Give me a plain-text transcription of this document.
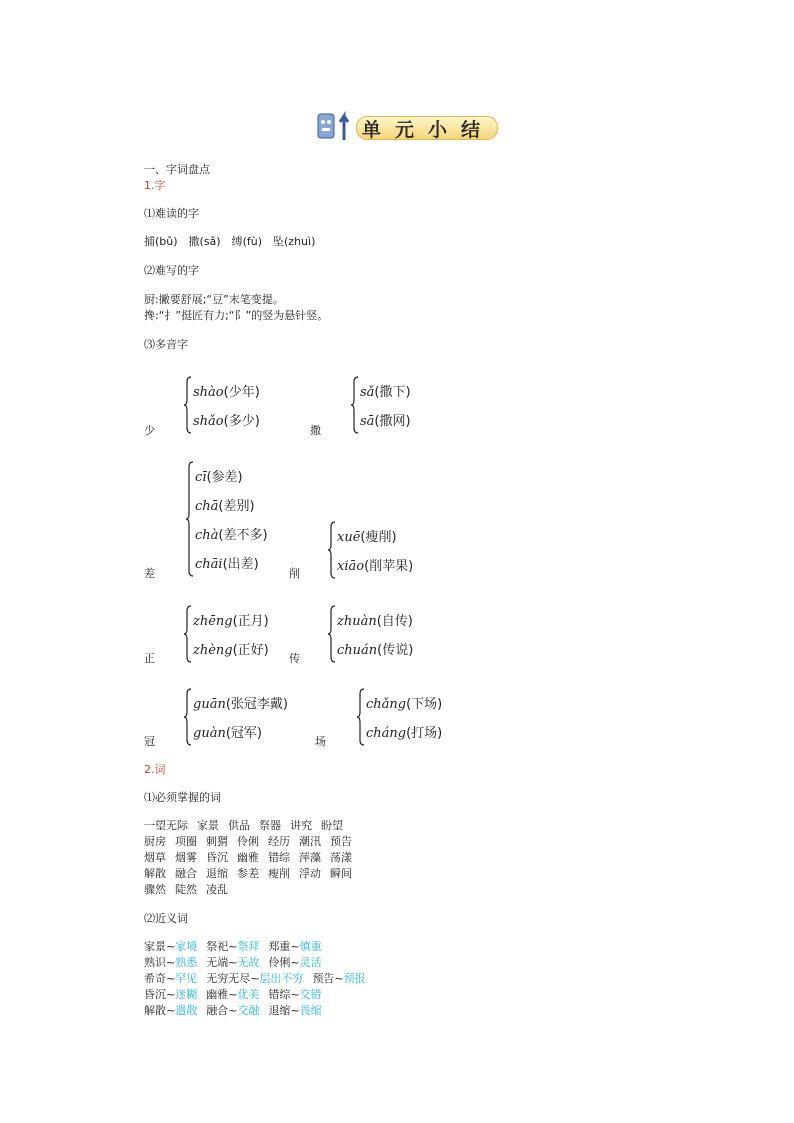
单元小结
一、字词盘点
1.字
⑴难读的字
捕(bǔ)　撒(sǎ)　缚(fù)　坠(zhuì)
⑵难写的字
厨:撇要舒展;“豆”末笔变提。
搀:“扌”挺匠有力;“阝”的竖为悬针竖。
⑶多音字
少
shào(少年)
shǎo(多少)
撒
sǎ(撒下)
sā(撒网)
差
cī(参差)
chā(差别)
chà(差不多)
chāi(出差)
削
xuē(瘦削)
xiāo(削苹果)
正
zhēng(正月)
zhèng(正好)
传
zhuàn(自传)
chuán(传说)
冠
guān(张冠李戴)
guàn(冠军)
场
chǎng(下场)
cháng(打场)
2.词
⑴必须掌握的词
一望无际 家景 供品 祭器 讲究 盼望
厨房 项圈 刺猬 伶俐 经历 潮汛 预告
烟草 烟雾 昏沉 幽雅 错综 萍藻 荡漾
解散 融合 退缩 参差 瘦削 浮动 瞬间
骤然 陡然 凌乱
⑵近义词
家景~家境 祭祀~祭拜 郑重~慎重
熟识~熟悉 无端~无故 伶俐~灵活
希奇~罕见 无穷无尽~层出不穷 预告~预报
昏沉~迷糊 幽雅~优美 错综~交错
解散~遣散 融合~交融 退缩~畏缩
